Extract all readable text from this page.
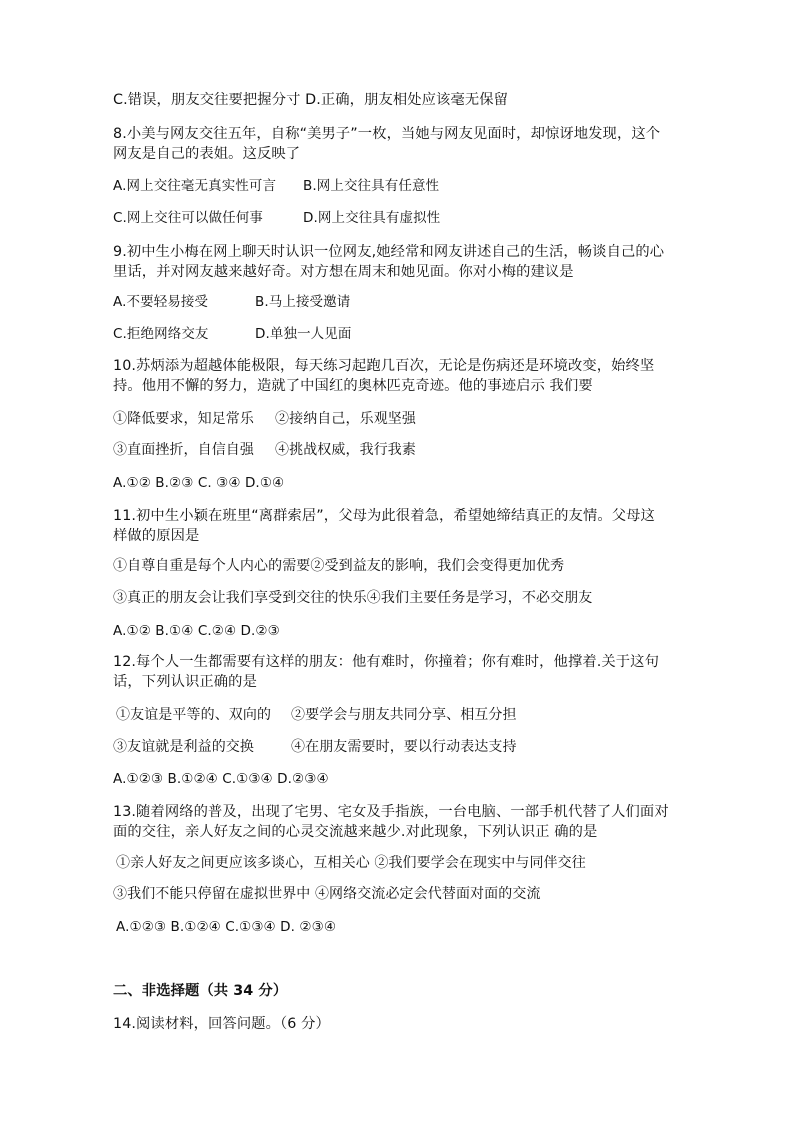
C.错误，朋友交往要把握分寸 D.正确，朋友相处应该毫无保留
8.小美与网友交往五年，自称“美男子”一枚，当她与网友见面时，却惊讶地发现，这个
网友是自己的表姐。这反映了
A.网上交往毫无真实性可言 B.网上交往具有任意性
C.网上交往可以做任何事	D.网上交往具有虚拟性
9.初中生小梅在网上聊天时认识一位网友,她经常和网友讲述自己的生活，畅谈自己的心
里话，并对网友越来越好奇。对方想在周末和她见面。你对小梅的建议是
A.不要轻易接受	B.马上接受邀请
C.拒绝网络交友	D.单独一人见面
10.苏炳添为超越体能极限，每天练习起跑几百次，无论是伤病还是环境改变，始终坚
持。他用不懈的努力，造就了中国红的奥林匹克奇迹。他的事迹启示 我们要
①降低要求，知足常乐 ②接纳自己，乐观坚强
③直面挫折，自信自强 ④挑战权威，我行我素
A.①② B.②③ C. ③④ D.①④
11.初中生小颖在班里“离群索居”，父母为此很着急，希望她缔结真正的友情。父母这
样做的原因是
①自尊自重是每个人内心的需要②受到益友的影响，我们会变得更加优秀
③真正的朋友会让我们享受到交往的快乐④我们主要任务是学习，不必交朋友
A.①② B.①④ C.②④ D.②③
12.每个人一生都需要有这样的朋友：他有难时，你撞着；你有难时，他撑着.关于这句
话，下列认识正确的是
①友谊是平等的、双向的 ②要学会与朋友共同分享、相互分担
③友谊就是利益的交换	④在朋友需要时，要以行动表达支持
A.①②③ B.①②④ C.①③④ D.②③④
13.随着网络的普及，出现了宅男、宅女及手指族，一台电脑、一部手机代替了人们面对
面的交往，亲人好友之间的心灵交流越来越少.对此现象，下列认识正 确的是
①亲人好友之间更应该多谈心，互相关心 ②我们要学会在现实中与同伴交往
③我们不能只停留在虚拟世界中 ④网络交流必定会代替面对面的交流
A.①②③ B.①②④ C.①③④ D. ②③④
二、非选择题（共 34 分）
14.阅读材料，回答问题。（6 分）
